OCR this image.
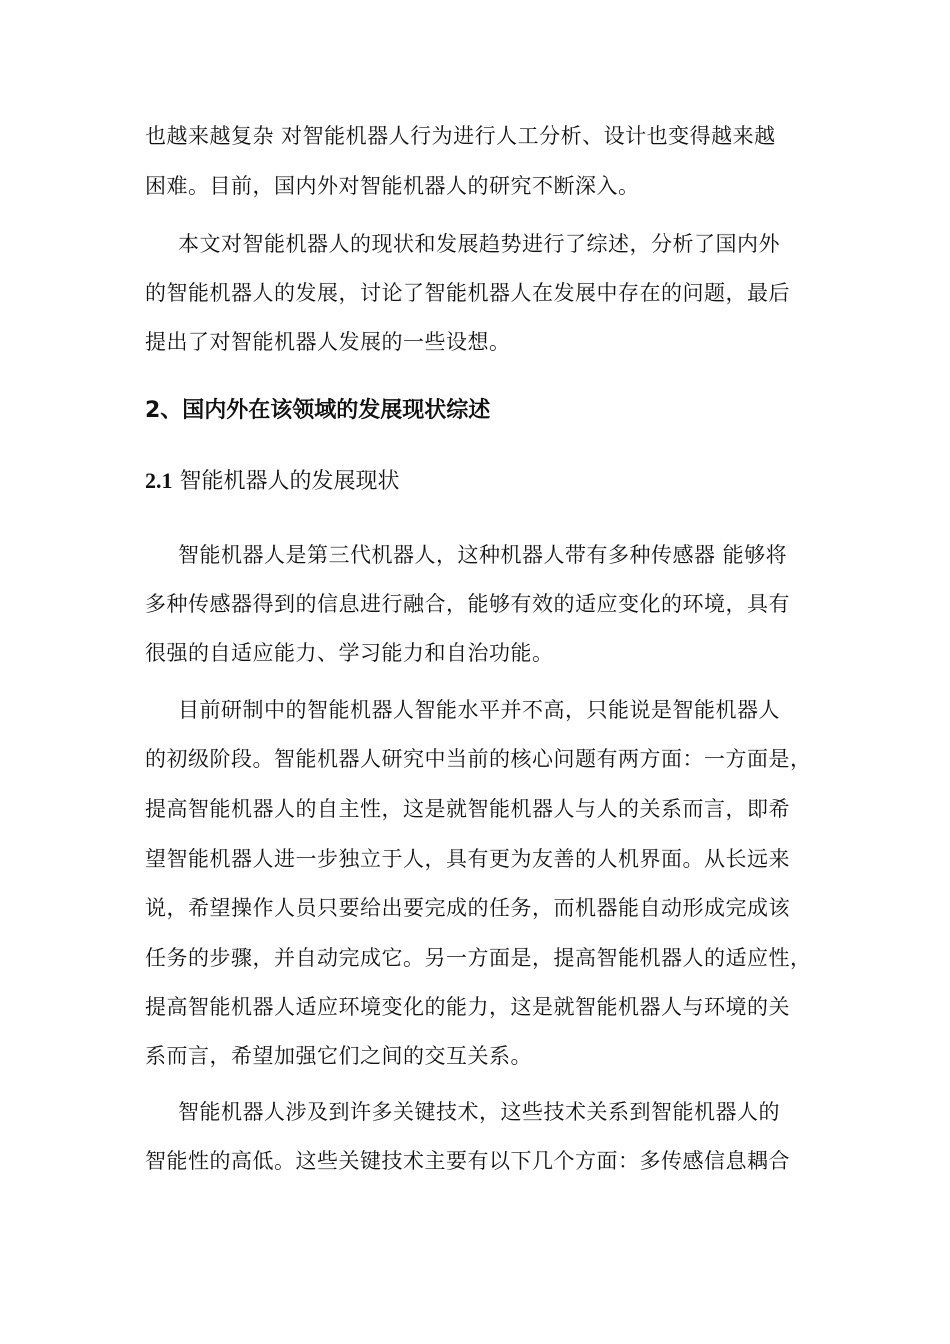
也越来越复杂 对智能机器人行为进行人工分析、设计也变得越来越
困难。目前，国内外对智能机器人的研究不断深入。
本文对智能机器人的现状和发展趋势进行了综述，分析了国内外
的智能机器人的发展，讨论了智能机器人在发展中存在的问题，最后
提出了对智能机器人发展的一些设想。
2、国内外在该领域的发展现状综述
2.1 智能机器人的发展现状
智能机器人是第三代机器人，这种机器人带有多种传感器 能够将
多种传感器得到的信息进行融合，能够有效的适应变化的环境，具有
很强的自适应能力、学习能力和自治功能。
目前研制中的智能机器人智能水平并不高，只能说是智能机器人
的初级阶段。智能机器人研究中当前的核心问题有两方面：一方面是，
提高智能机器人的自主性，这是就智能机器人与人的关系而言，即希
望智能机器人进一步独立于人，具有更为友善的人机界面。从长远来
说，希望操作人员只要给出要完成的任务，而机器能自动形成完成该
任务的步骤，并自动完成它。另一方面是，提高智能机器人的适应性，
提高智能机器人适应环境变化的能力，这是就智能机器人与环境的关
系而言，希望加强它们之间的交互关系。
智能机器人涉及到许多关键技术，这些技术关系到智能机器人的
智能性的高低。这些关键技术主要有以下几个方面：多传感信息耦合
